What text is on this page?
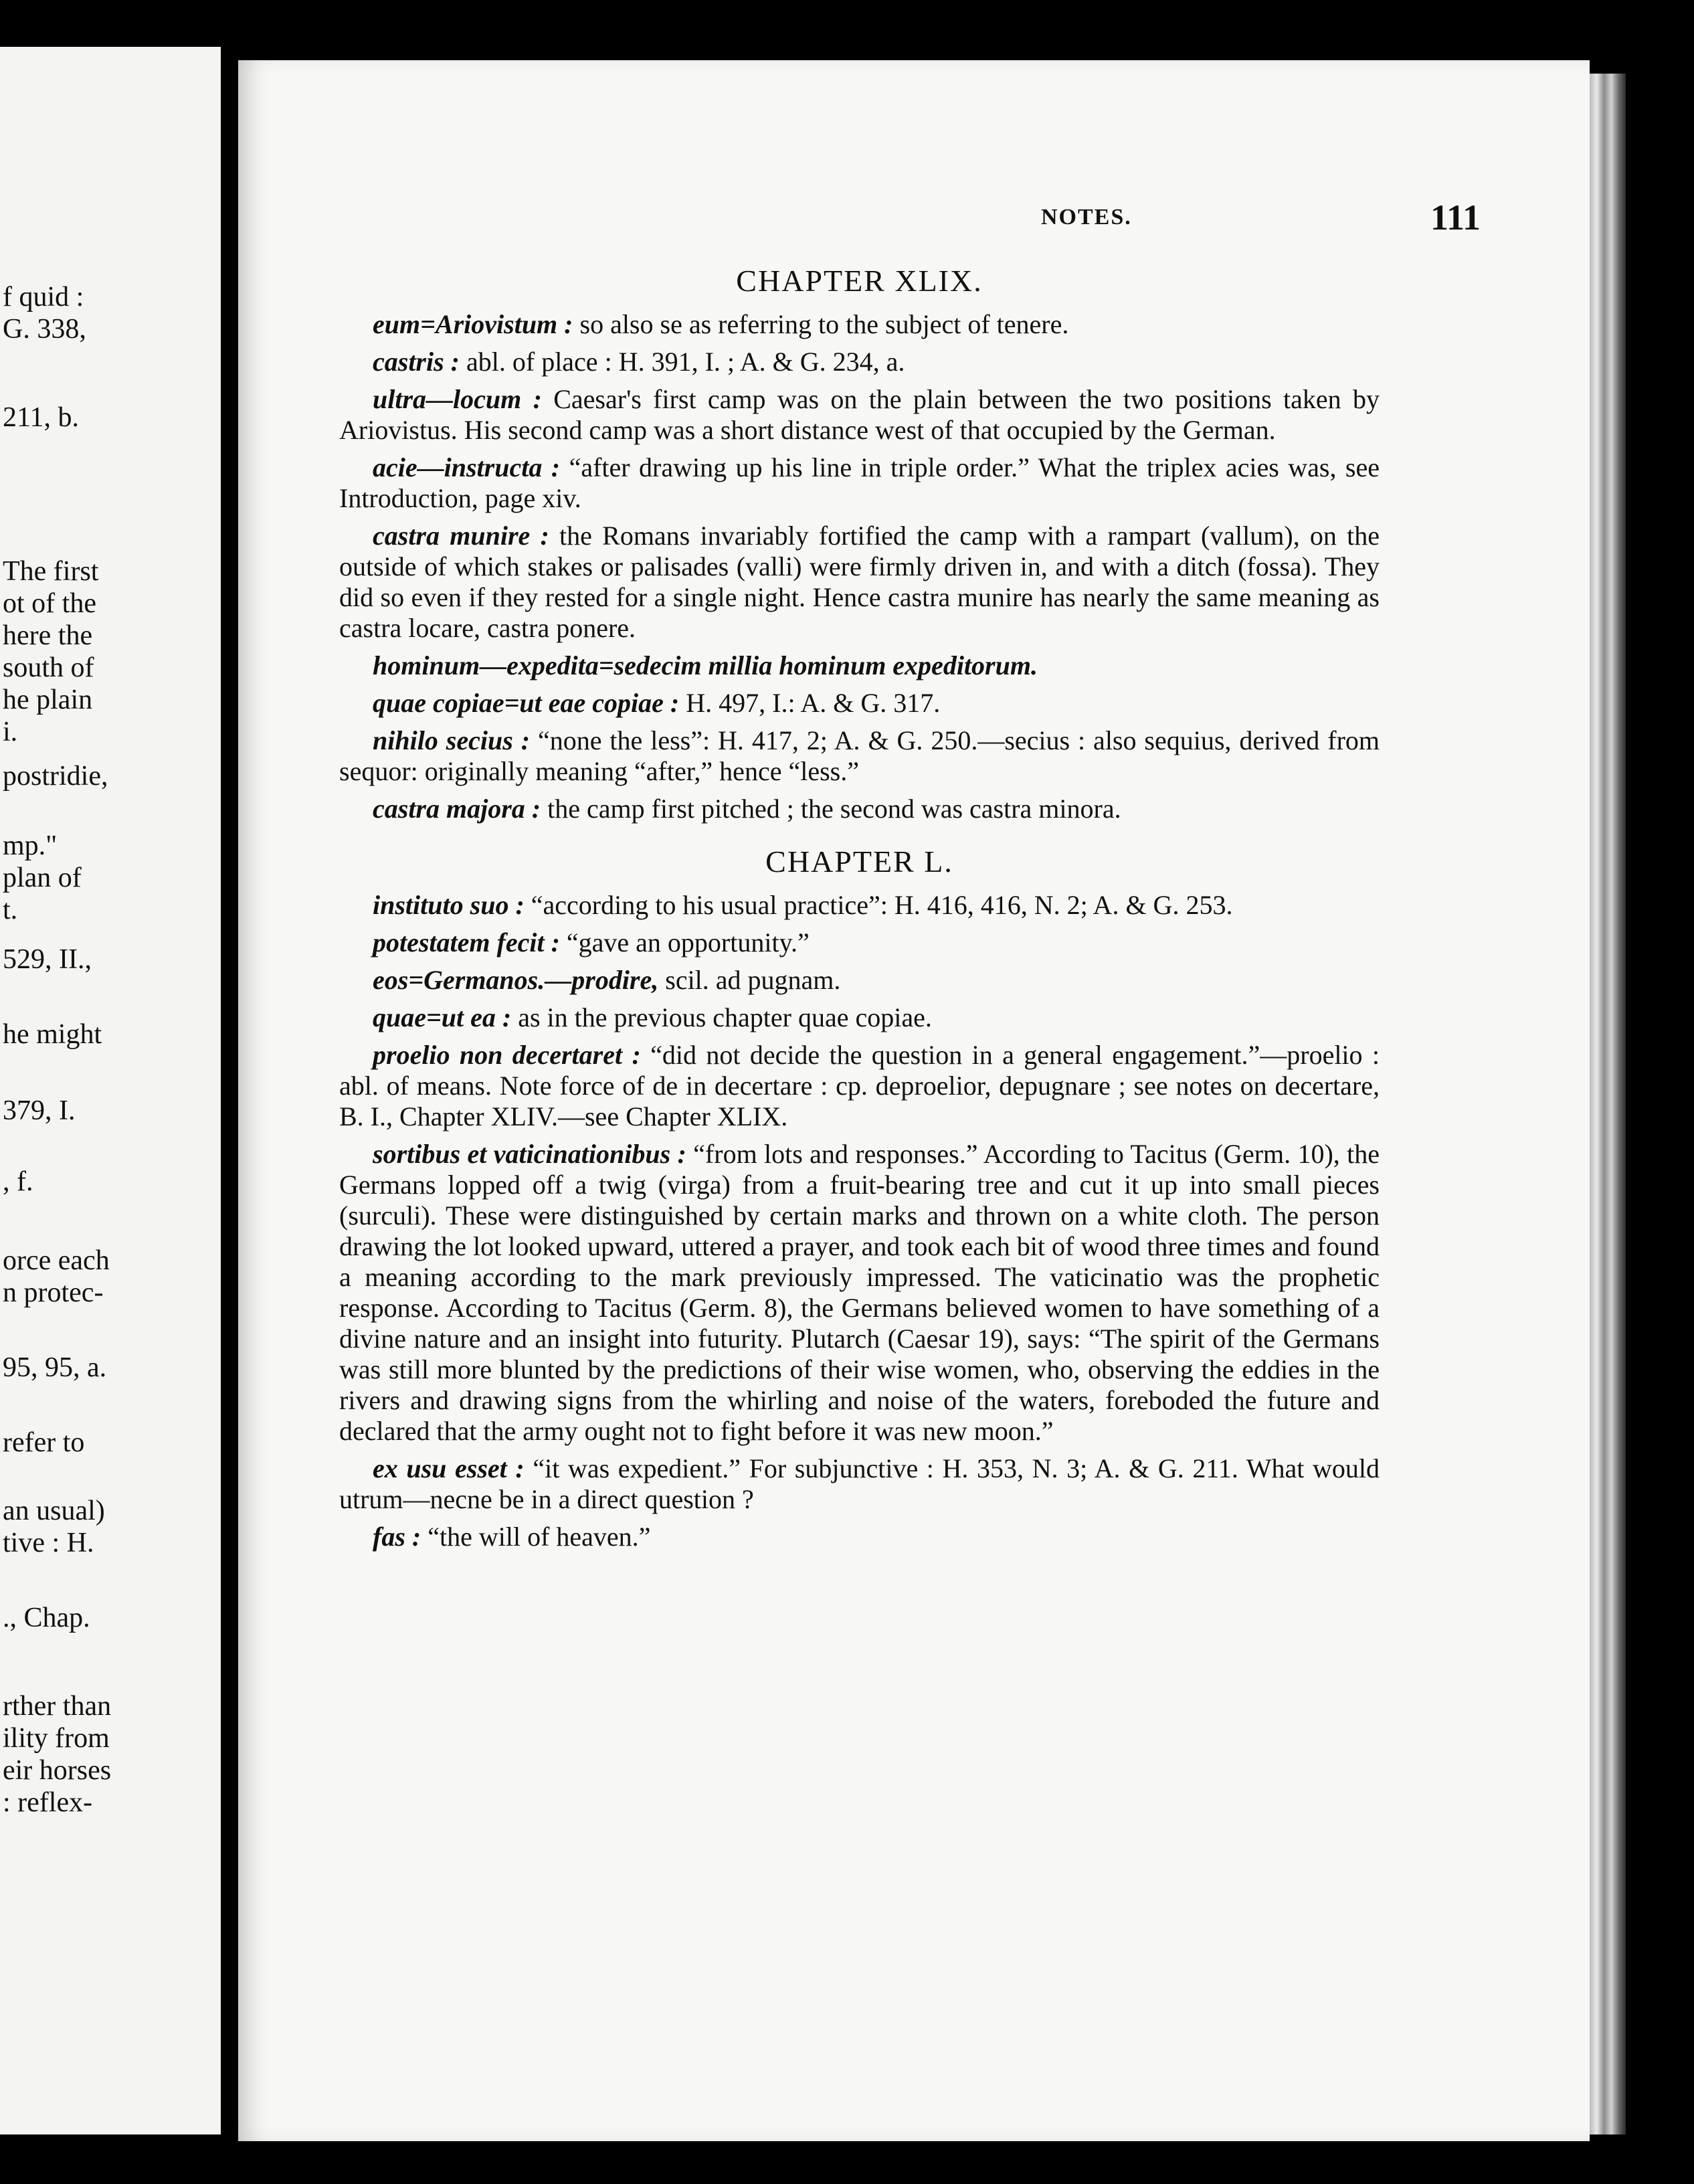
f quid :
G. 338,
211, b.
The first
ot of the
here the
south of
he plain
i.
postridie,
mp."
plan of
t.
529, II.,
he might
379, I.
, f.
orce each
n protec-
95, 95, a.
refer to
an usual)
tive : H.
., Chap.
rther than
ility from
eir horses
: reflex-
NOTES.	111
CHAPTER XLIX.

eum=Ariovistum : so also se as referring to the subject of tenere.

castris : abl. of place : H. 391, I. ; A. & G. 234, a.

ultra—locum : Caesar's first camp was on the plain between the two positions taken by Ariovistus. His second camp was a short distance west of that occupied by the German.

acie—instructa : “after drawing up his line in triple order.” What the triplex acies was, see Introduction, page xiv.

castra munire : the Romans invariably fortified the camp with a rampart (vallum), on the outside of which stakes or palisades (valli) were firmly driven in, and with a ditch (fossa). They did so even if they rested for a single night. Hence castra munire has nearly the same meaning as castra locare, castra ponere.

hominum—expedita=sedecim millia hominum expeditorum.

quae copiae=ut eae copiae : H. 497, I.: A. & G. 317.

nihilo secius : “none the less”: H. 417, 2; A. & G. 250.—secius : also sequius, derived from sequor: originally meaning “after,” hence “less.”

castra majora : the camp first pitched ; the second was castra minora.

CHAPTER L.

instituto suo : “according to his usual practice”: H. 416, 416, N. 2; A. & G. 253.

potestatem fecit : “gave an opportunity.”

eos=Germanos.—prodire, scil. ad pugnam.

quae=ut ea : as in the previous chapter quae copiae.

proelio non decertaret : “did not decide the question in a general engagement.”—proelio : abl. of means. Note force of de in decertare : cp. deproelior, depugnare ; see notes on decertare, B. I., Chapter XLIV.—see Chapter XLIX.

sortibus et vaticinationibus : “from lots and responses.” According to Tacitus (Germ. 10), the Germans lopped off a twig (virga) from a fruit-bearing tree and cut it up into small pieces (surculi). These were distinguished by certain marks and thrown on a white cloth. The person drawing the lot looked upward, uttered a prayer, and took each bit of wood three times and found a meaning according to the mark previously impressed. The vaticinatio was the prophetic response. According to Tacitus (Germ. 8), the Germans believed women to have something of a divine nature and an insight into futurity. Plutarch (Caesar 19), says: “The spirit of the Germans was still more blunted by the predictions of their wise women, who, observing the eddies in the rivers and drawing signs from the whirling and noise of the waters, foreboded the future and declared that the army ought not to fight before it was new moon.”

ex usu esset : “it was expedient.” For subjunctive : H. 353, N. 3; A. & G. 211. What would utrum—necne be in a direct question ?

fas : “the will of heaven.”
